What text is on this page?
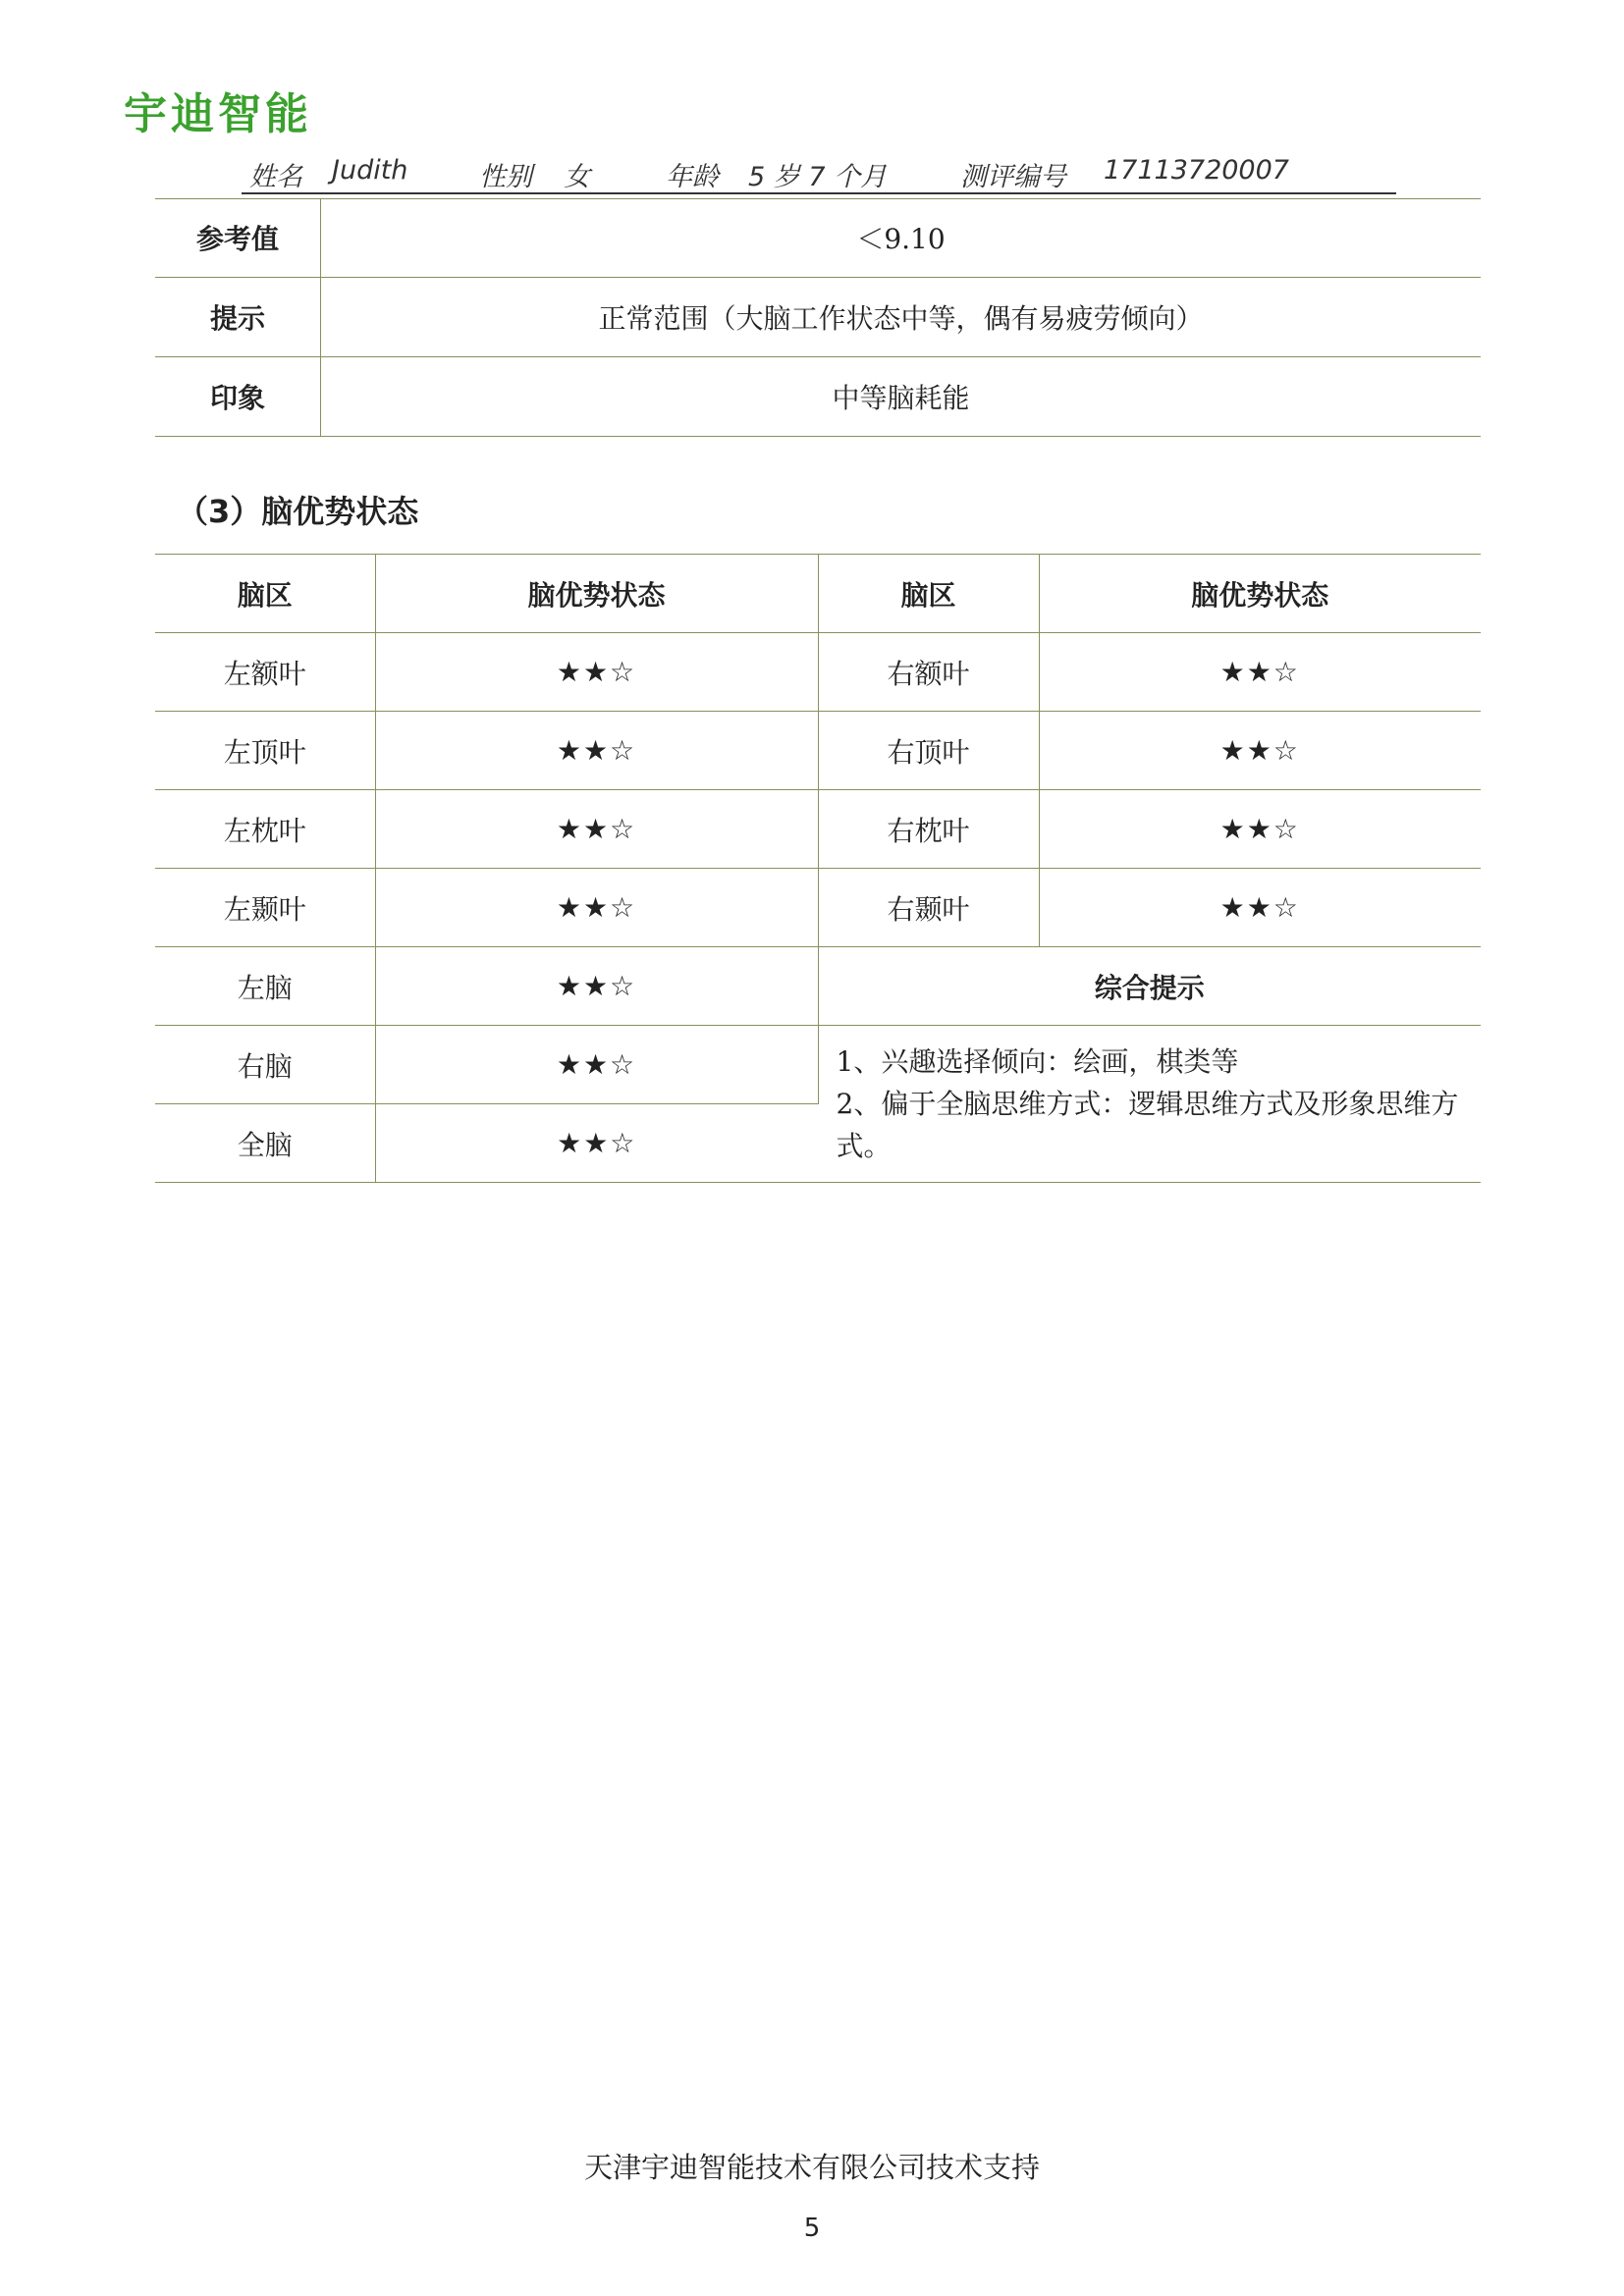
宇迪智能
姓名 Judith	性别 女	年龄 5 岁 7 个月	测评编号 17113720007
参考值	＜9.10
提示	正常范围（大脑工作状态中等，偶有易疲劳倾向）
印象	中等脑耗能
（3）脑优势状态
脑区	脑优势状态	脑区	脑优势状态
左额叶	★★☆	右额叶	★★☆
左顶叶	★★☆	右顶叶	★★☆
左枕叶	★★☆	右枕叶	★★☆
左颞叶	★★☆	右颞叶	★★☆
左脑	★★☆	综合提示	
右脑	★★☆	1、兴趣选择倾向：绘画，棋类等
2、偏于全脑思维方式：逻辑思维方式及形象思维方式。	

全脑	★★☆		
天津宇迪智能技术有限公司技术支持
5
